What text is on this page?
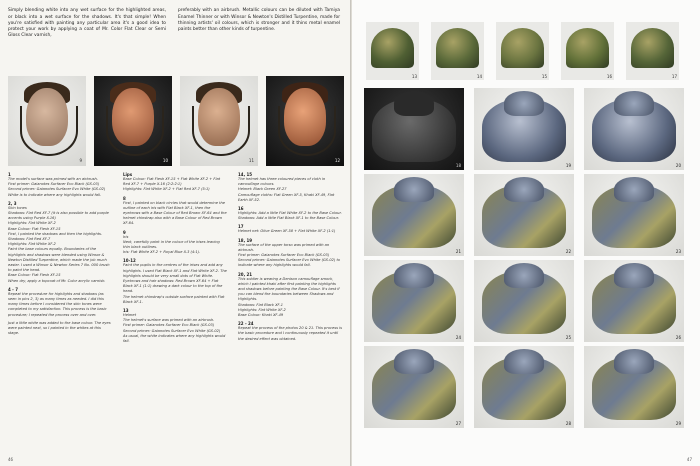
Simply blending white into any wet surface for the highlighted areas, or black into a wet surface for the shadows. It's that simple! When you're satisfied with painting any particular area it's a good idea to protect your work by applying a coat of Mr. Color Flat Clear or Semi Gloss Clear varnish,

preferably with an airbrush. Metallic colours can be diluted with Tamiya Enamel Thinner or with Winsor & Newton's Distilled Turpentine, made for thinning artists' oil colours, which is stronger and it thins metal enamel paints better than other kinds of turpentine.

9	10	11	12
1

The model's surface was primed with an airbrush.

First primer: Gaianotes Surfacer Evo Black (GS-03)

Second primer: Gaianotes Surfacer Evo White (GS-02)

White is to indicate where any highlights would fall.

2, 3

Skin tones

Shadows: Flat Red XF-7 (it is also possible to add purple accents using Purple X-16)

Highlights: Flat White XF-2

Base Colour: Flat Flesh XF-15

First, I painted the shadows and then the highlights.

Shadows: Flat Red XF-7

Highlights: Flat White XF-2

Paint the base colours equally. Boundaries of the highlights and shadows were blended using Winsor & Newton Distilled Turpentine, which made the job much easier. I used a Winsor & Newton Series 7 No. 000 brush to paint the head.

Base Colour: Flat Flesh XF-15

When dry, apply a topcoat of Mr. Color acrylic varnish.

4 - 7

Repeat the procedure for highlights and shadows (as seen in pics 2, 3) as many times as needed. I did this many times before I considered the skin tones were completed to my satisfaction. This process is the basic procedure; I repeated the process over and over.

Just a little white was added to the base colour. The eyes were painted next, so I painted in the whites at this stage.

Lips

Base Colour: Flat Flesh XF-15 + Flat White XF-2 + Flat Red XF-7 + Purple X-16 (2:2:2:1)

Highlights: Flat White XF-2 + Flat Red XF-7 (5:1)

8

First, I painted on black circles that would determine the outline of each iris with Flat Black XF-1, then the eyebrows with a Base Colour of Red Brown XF-64 and the helmet chinstrap also with a Base Colour of Red Brown XF-64.

9

Iris

Next, carefully paint in the colour of the irises leaving thin black outlines.

Iris: Flat White XF-2 + Royal Blue X-3 (4:1).

10-12

Paint the pupils in the centres of the irises and add any highlights. I used Flat Black XF-1 and Flat White XF-2. The highlights should be very small dots of Flat White.

Eyebrows and hair shadows: Red Brown XF-64 + Flat Black XF-1 (1:1) drawing a dark colour to the top of the head.

The helmet chinstrap's outside surface painted with Flat Black XF-1.

13

Helmet

The helmet's surface was primed with an airbrush.

First primer: Gaianotes Surfacer Evo Black (GS-03)

Second primer: Gaianotes Surfacer Evo White (GS-02)

As usual, the white indicates where any highlights would fall.

14, 15

The helmet has three coloured pieces of cloth in camouflage colours.

Helmet: Black Green XF-27

Camouflage cloths: Flat Green XF-5, Khaki XF-49, Flat Earth XF-52.

16

Highlights: Add a little Flat White XF-2 to the Base Colour.

Shadows: Add a little Flat Black XF-1 to the Base Colour.

17

Helmet net: Olive Green XF-58 + Flat White XF-2 (1:1)

18, 19

The surface of the upper torso was primed with an airbrush.

First primer: Gaianotes Surfacer Evo Black (GS-03)

Second primer: Gaianotes Surfacer Evo White (GS-02) to indicate where any highlights would fall.

20, 21

This soldier is wearing a Denison camouflage smock, which I painted khaki after first painting the highlights and shadows before painting the Base Colour. It's best if you can blend the boundaries between Shadows and Highlights.

Shadows: Flat Black XF-1

Highlights: Flat White XF-2

Base Colour: Khaki XF-49

22 - 24

Repeat the process of the photos 20 & 21. This process is the basic procedure and I continuously repeated it until the desired effect was obtained.

46
13	14	15	16	17
18	19	20
21	22	23
24	25	26
27	28	29
47
